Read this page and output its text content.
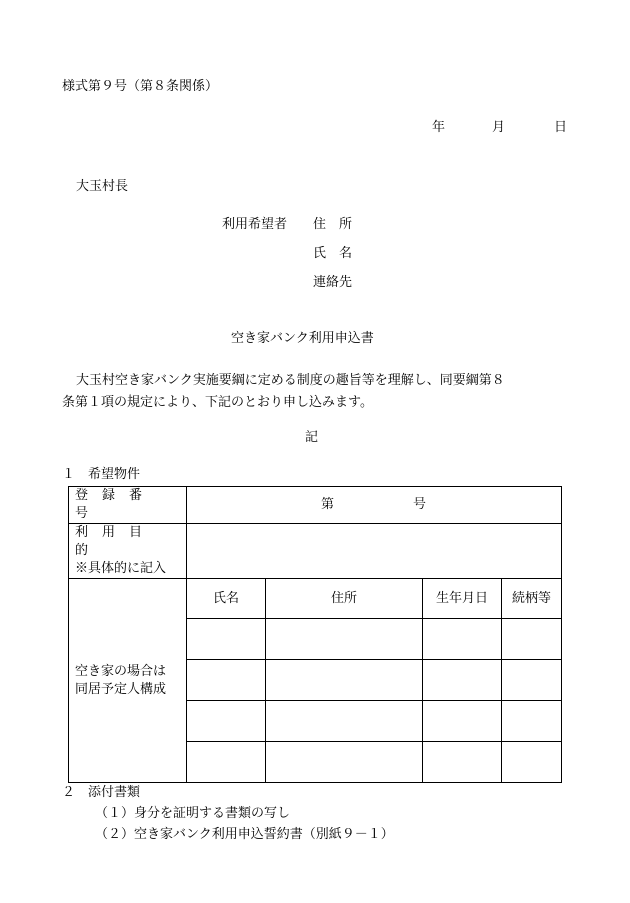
様式第９号（第８条関係）
年	月	日
大玉村長
利用希望者 住　所
氏　名
連絡先
空き家バンク利用申込書
大玉村空き家バンク実施要綱に定める制度の趣旨等を理解し、同要綱第８
条第１項の規定により、下記のとおり申し込みます。
記
１　希望物件
登録番号	第 号			

利用目的
※具体的に記入				

空き家の場合は
同居予定人構成	氏名	住所	生年月日	続柄等

２　添付書類
（１）身分を証明する書類の写し
（２）空き家バンク利用申込誓約書（別紙９－１）
